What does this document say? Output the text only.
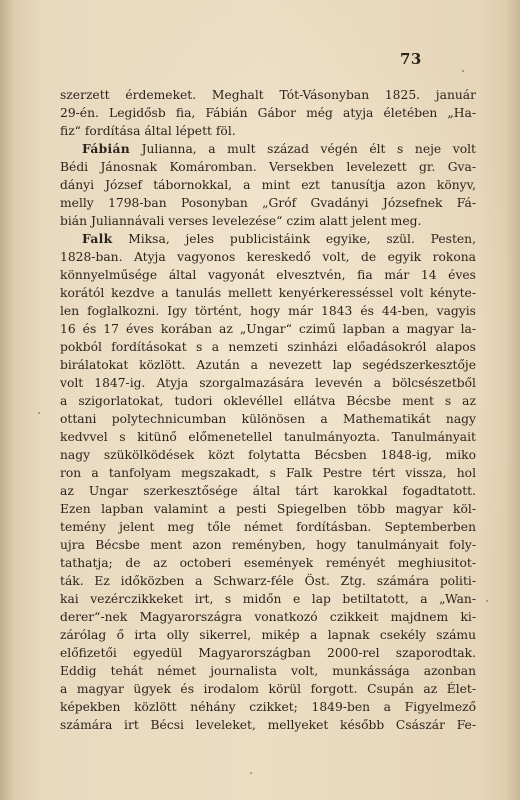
73
szerzett érdemeket. Meghalt Tót-Vásonyban 1825. január
29-én. Legidősb fia, Fábián Gábor még atyja életében „Ha-
fiz“ fordítása által lépett föl.
Fábián Julianna, a mult század végén élt s neje volt
Bédi Jánosnak Komáromban. Versekben levelezett gr. Gva-
dányi József tábornokkal, a mint ezt tanusítja azon könyv,
melly 1798-ban Posonyban „Gróf Gvadányi Józsefnek Fá-
bián Juliannávali verses levelezése“ czim alatt jelent meg.
Falk Miksa, jeles publicistáink egyike, szül. Pesten,
1828-ban. Atyja vagyonos kereskedő volt, de egyik rokona
könnyelműsége által vagyonát elvesztvén, fia már 14 éves
korától kezdve a tanulás mellett kenyérkeresséssel volt kényte-
len foglalkozni. Igy történt, hogy már 1843 és 44-ben, vagyis
16 és 17 éves korában az „Ungar“ czimű lapban a magyar la-
pokból fordításokat s a nemzeti szinházi előadásokról alapos
birálatokat közlött. Azután a nevezett lap segédszerkesztője
volt 1847-ig. Atyja szorgalmazására levevén a bölcsészetből
a szigorlatokat, tudori oklevéllel ellátva Bécsbe ment s az
ottani polytechnicumban különösen a Mathematikát nagy
kedvvel s kitünő előmenetellel tanulmányozta. Tanulmányait
nagy szükölködések közt folytatta Bécsben 1848-ig, miko
ron a tanfolyam megszakadt, s Falk Pestre tért vissza, hol
az Ungar szerkesztősége által tárt karokkal fogadtatott.
Ezen lapban valamint a pesti Spiegelben több magyar köl-
temény jelent meg tőle német fordításban. Septemberben
ujra Bécsbe ment azon reményben, hogy tanulmányait foly-
tathatja; de az octoberi események reményét meghiusitot-
ták. Ez időközben a Schwarz-féle Öst. Ztg. számára politi-
kai vezérczikkeket irt, s midőn e lap betiltatott, a „Wan-
derer“-nek Magyarországra vonatkozó czikkeit majdnem ki-
zárólag ő irta olly sikerrel, mikép a lapnak csekély számu
előfizetői egyedül Magyarországban 2000-rel szaporodtak.
Eddig tehát német journalista volt, munkássága azonban
a magyar ügyek és irodalom körül forgott. Csupán az Élet-
képekben közlött néhány czikket; 1849-ben a Figyelmező
számára irt Bécsi leveleket, mellyeket később Császár Fe-
